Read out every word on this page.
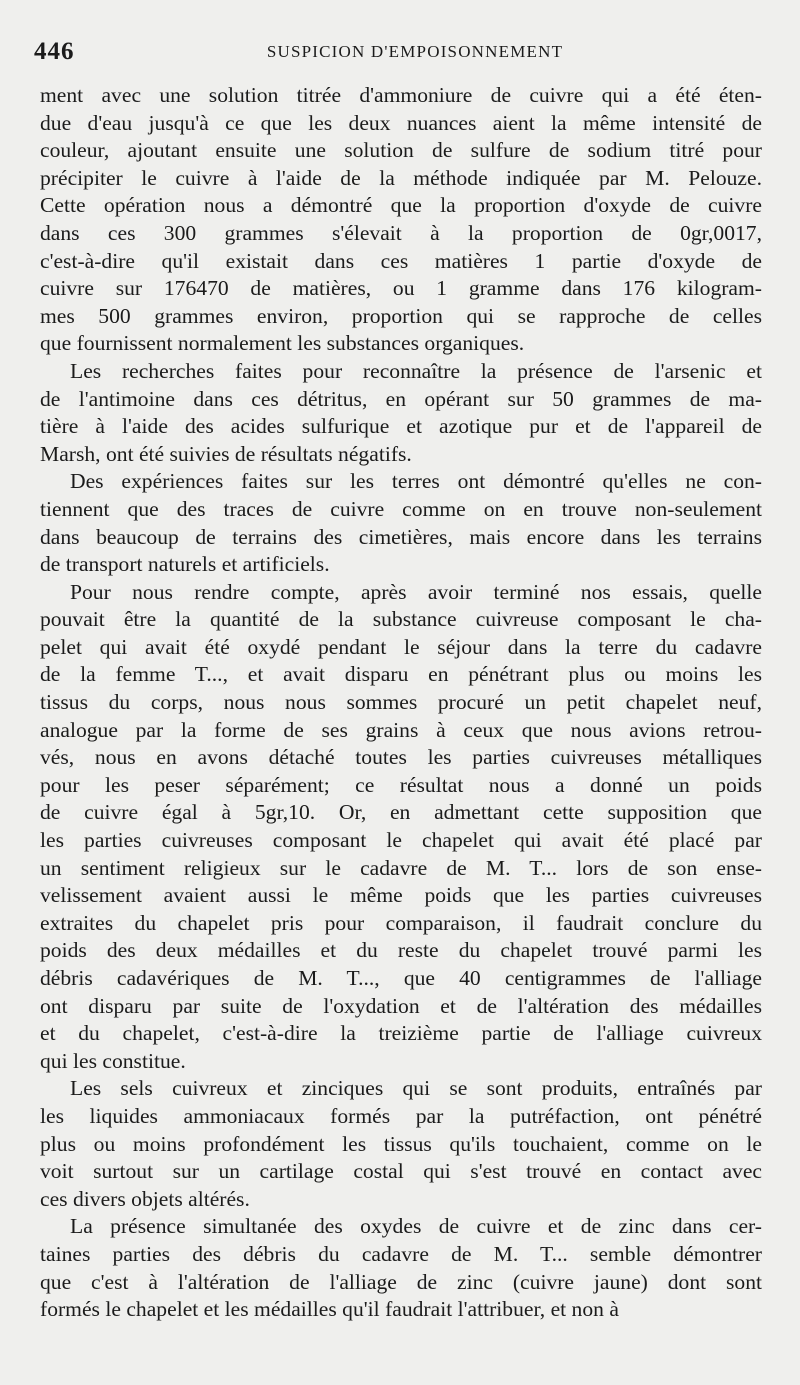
446	SUSPICION D'EMPOISONNEMENT
ment avec une solution titrée d'ammoniure de cuivre qui a été éten-
due d'eau jusqu'à ce que les deux nuances aient la même intensité de
couleur, ajoutant ensuite une solution de sulfure de sodium titré pour
précipiter le cuivre à l'aide de la méthode indiquée par M. Pelouze.
Cette opération nous a démontré que la proportion d'oxyde de cuivre
dans ces 300 grammes s'élevait à la proportion de 0gr,0017,
c'est-à-dire qu'il existait dans ces matières 1 partie d'oxyde de
cuivre sur 176470 de matières, ou 1 gramme dans 176 kilogram-
mes 500 grammes environ, proportion qui se rapproche de celles
que fournissent normalement les substances organiques.
Les recherches faites pour reconnaître la présence de l'arsenic et
de l'antimoine dans ces détritus, en opérant sur 50 grammes de ma-
tière à l'aide des acides sulfurique et azotique pur et de l'appareil de
Marsh, ont été suivies de résultats négatifs.
Des expériences faites sur les terres ont démontré qu'elles ne con-
tiennent que des traces de cuivre comme on en trouve non-seulement
dans beaucoup de terrains des cimetières, mais encore dans les terrains
de transport naturels et artificiels.
Pour nous rendre compte, après avoir terminé nos essais, quelle
pouvait être la quantité de la substance cuivreuse composant le cha-
pelet qui avait été oxydé pendant le séjour dans la terre du cadavre
de la femme T..., et avait disparu en pénétrant plus ou moins les
tissus du corps, nous nous sommes procuré un petit chapelet neuf,
analogue par la forme de ses grains à ceux que nous avions retrou-
vés, nous en avons détaché toutes les parties cuivreuses métalliques
pour les peser séparément; ce résultat nous a donné un poids
de cuivre égal à 5gr,10. Or, en admettant cette supposition que
les parties cuivreuses composant le chapelet qui avait été placé par
un sentiment religieux sur le cadavre de M. T... lors de son ense-
velissement avaient aussi le même poids que les parties cuivreuses
extraites du chapelet pris pour comparaison, il faudrait conclure du
poids des deux médailles et du reste du chapelet trouvé parmi les
débris cadavériques de M. T..., que 40 centigrammes de l'alliage
ont disparu par suite de l'oxydation et de l'altération des médailles
et du chapelet, c'est-à-dire la treizième partie de l'alliage cuivreux
qui les constitue.
Les sels cuivreux et zinciques qui se sont produits, entraînés par
les liquides ammoniacaux formés par la putréfaction, ont pénétré
plus ou moins profondément les tissus qu'ils touchaient, comme on le
voit surtout sur un cartilage costal qui s'est trouvé en contact avec
ces divers objets altérés.
La présence simultanée des oxydes de cuivre et de zinc dans cer-
taines parties des débris du cadavre de M. T... semble démontrer
que c'est à l'altération de l'alliage de zinc (cuivre jaune) dont sont
formés le chapelet et les médailles qu'il faudrait l'attribuer, et non à
